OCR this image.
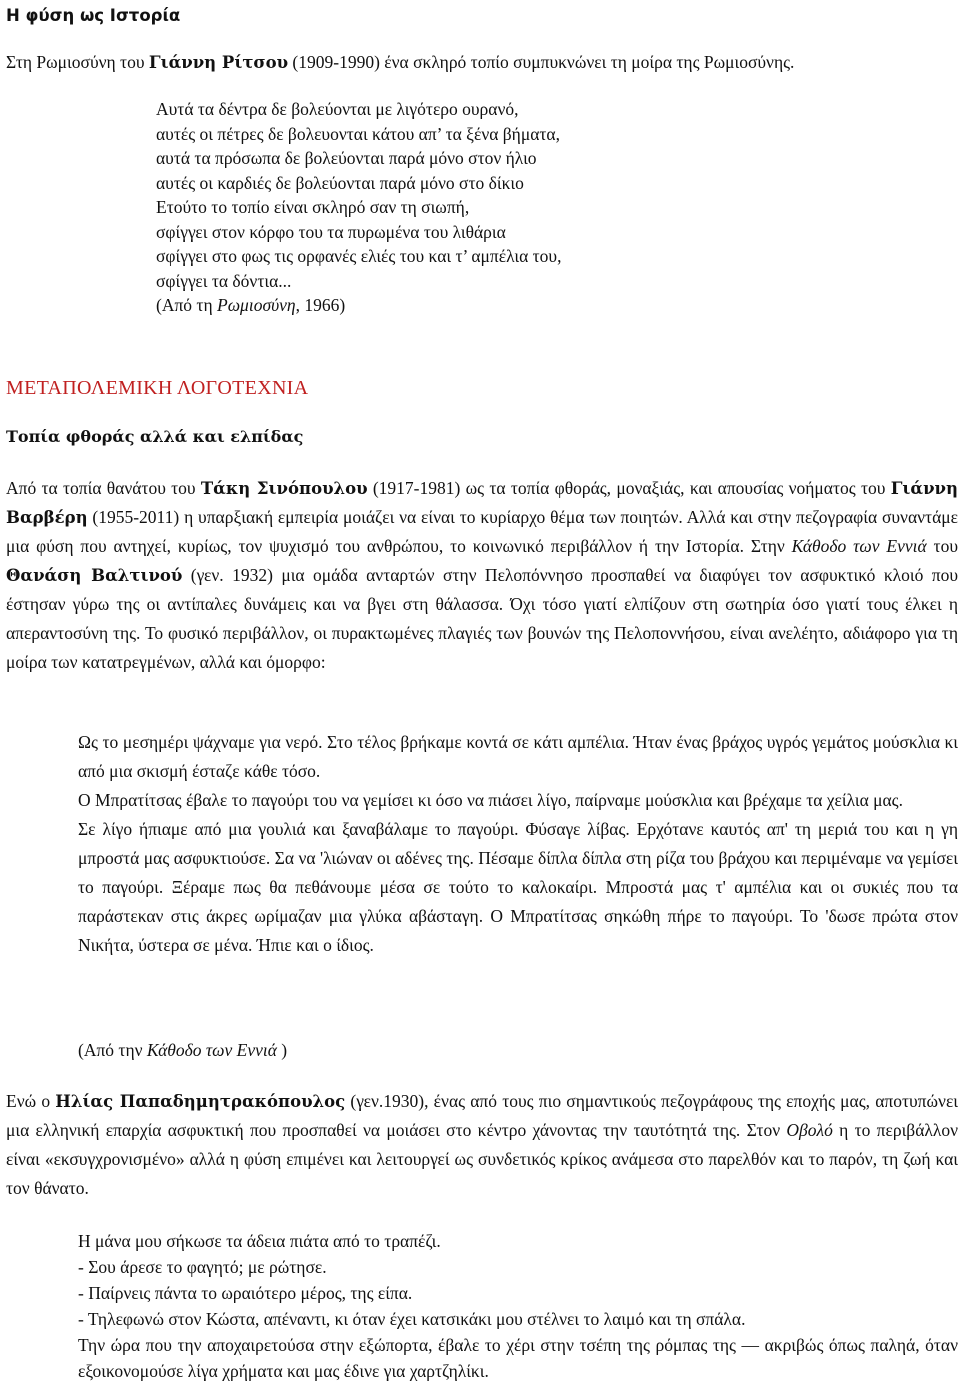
Η φύση ως Ιστορία
Στη Ρωμιοσύνη του Γιάννη Ρίτσου (1909-1990) ένα σκληρό τοπίο συμπυκνώνει τη μοίρα της Ρωμιοσύνης.
Αυτά τα δέντρα δε βολεύονται με λιγότερο ουρανό,
αυτές οι πέτρες δε βολευονται κάτου απ’ τα ξένα βήματα,
αυτά τα πρόσωπα δε βολεύονται παρά μόνο στον ήλιο
αυτές οι καρδιές δε βολεύονται παρά μόνο στο δίκιο
Ετούτο το τοπίο είναι σκληρό σαν τη σιωπή,
σφίγγει στον κόρφο του τα πυρωμένα του λιθάρια
σφίγγει στο φως τις ορφανές ελιές του και τ’ αμπέλια του,
σφίγγει τα δόντια...
(Από τη Ρωμιοσύνη, 1966)
ΜΕΤΑΠΟΛΕΜΙΚΗ ΛΟΓΟΤΕΧΝΙΑ
Τοπία φθοράς αλλά και ελπίδας
Από τα τοπία θανάτου του Τάκη Σινόπουλου (1917-1981) ως τα τοπία φθοράς, μοναξιάς, και απουσίας νοήματος του Γιάννη Βαρβέρη (1955-2011) η υπαρξιακή εμπειρία μοιάζει να είναι το κυρίαρχο θέμα των ποιητών. Αλλά και στην πεζογραφία συναντάμε μια φύση που αντηχεί, κυρίως, τον ψυχισμό του ανθρώπου, το κοινωνικό περιβάλλον ή την Ιστορία. Στην Κάθοδο των Εννιά του Θανάση Βαλτινού (γεν. 1932) μια ομάδα ανταρτών στην Πελοπόννησο προσπαθεί να διαφύγει τον ασφυκτικό κλοιό που έστησαν γύρω της οι αντίπαλες δυνάμεις και να βγει στη θάλασσα. Όχι τόσο γιατί ελπίζουν στη σωτηρία όσο γιατί τους έλκει η απεραντοσύνη της. Το φυσικό περιβάλλον, οι πυρακτωμένες πλαγιές των βουνών της Πελοποννήσου, είναι ανελέητο, αδιάφορο για τη μοίρα των κατατρεγμένων, αλλά και όμορφο:
Ως το μεσημέρι ψάχναμε για νερό. Στο τέλος βρήκαμε κοντά σε κάτι αμπέλια. Ήταν ένας βράχος υγρός γεμάτος μούσκλια κι από μια σκισμή έσταζε κάθε τόσο.
Ο Μπρατίτσας έβαλε το παγούρι του να γεμίσει κι όσο να πιάσει λίγο, παίρναμε μούσκλια και βρέχαμε τα χείλια μας.
Σε λίγο ήπιαμε από μια γουλιά και ξαναβάλαμε το παγούρι. Φύσαγε λίβας. Ερχότανε καυτός απ' τη μεριά του και η γη μπροστά μας ασφυκτιούσε. Σα να 'λιώναν οι αδένες της. Πέσαμε δίπλα δίπλα στη ρίζα του βράχου και περιμέναμε να γεμίσει το παγούρι. Ξέραμε πως θα πεθάνουμε μέσα σε τούτο το καλοκαίρι. Μπροστά μας τ' αμπέλια και οι συκιές που τα παράστεκαν στις άκρες ωρίμαζαν μια γλύκα αβάσταγη. Ο Μπρατίτσας σηκώθη πήρε το παγούρι. Το 'δωσε πρώτα στον Νικήτα, ύστερα σε μένα. Ήπιε και ο ίδιος.
(Από την Κάθοδο των Εννιά )
Ενώ ο Ηλίας Παπαδημητρακόπουλος (γεν.1930), ένας από τους πιο σημαντικούς πεζογράφους της εποχής μας, αποτυπώνει μια ελληνική επαρχία ασφυκτική που προσπαθεί να μοιάσει στο κέντρο χάνοντας την ταυτότητά της. Στον Οβολό η το περιβάλλον είναι «εκσυγχρονισμένο» αλλά η φύση επιμένει και λειτουργεί ως συνδετικός κρίκος ανάμεσα στο παρελθόν και το παρόν, τη ζωή και τον θάνατο.
Η μάνα μου σήκωσε τα άδεια πιάτα από το τραπέζι.
- Σου άρεσε το φαγητό; με ρώτησε.
- Παίρνεις πάντα το ωραιότερο μέρος, της είπα.
- Τηλεφωνώ στον Κώστα, απέναντι, κι όταν έχει κατσικάκι μου στέλνει το λαιμό και τη σπάλα.
Την ώρα που την αποχαιρετούσα στην εξώπορτα, έβαλε το χέρι στην τσέπη της ρόμπας της — ακριβώς όπως παληά, όταν εξοικονομούσε λίγα χρήματα και μας έδινε για χαρτζηλίκι.
